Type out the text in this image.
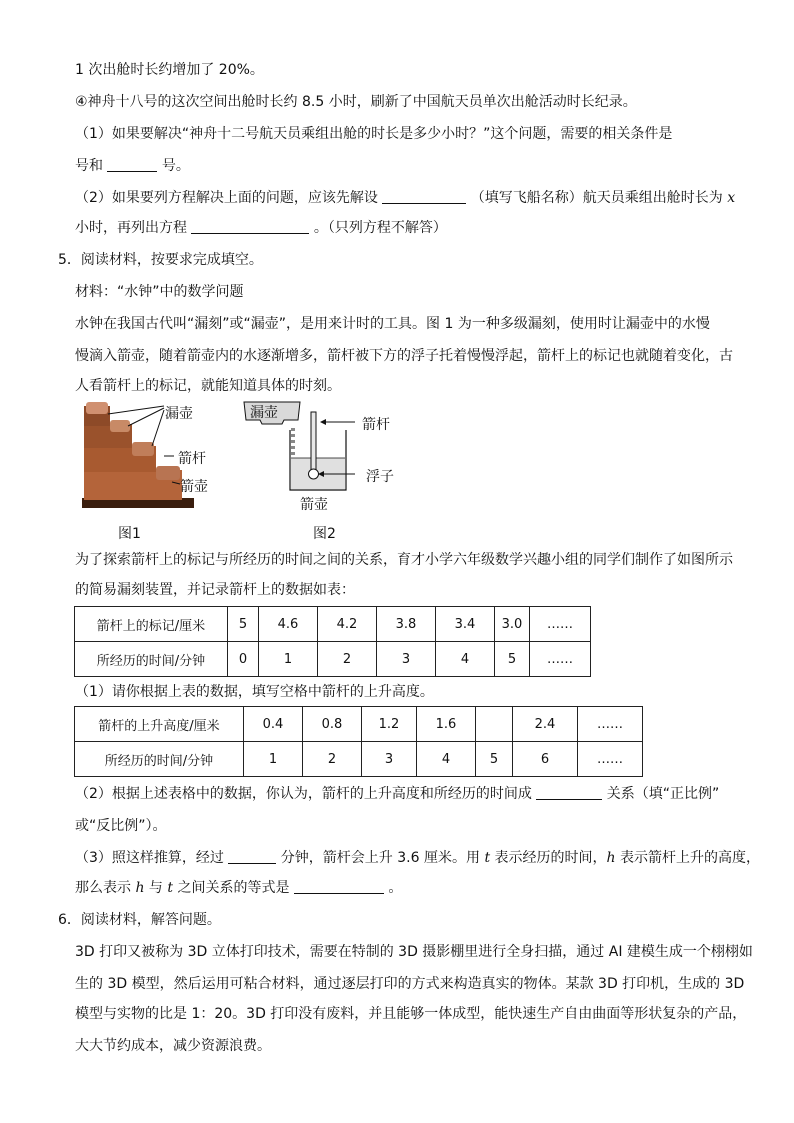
1 次出舱时长约增加了 20%。
④神舟十八号的这次空间出舱时长约 8.5 小时，刷新了中国航天员单次出舱活动时长纪录。
（1）如果要解决“神舟十二号航天员乘组出舱的时长是多少小时？”这个问题，需要的相关条件是
号和	号。
（2）如果要列方程解决上面的问题，应该先解设	（填写飞船名称）航天员乘组出舱时长为 x
小时，再列出方程	。（只列方程不解答）
5．阅读材料，按要求完成填空。
材料：“水钟”中的数学问题
水钟在我国古代叫“漏刻”或“漏壶”，是用来计时的工具。图 1 为一种多级漏刻，使用时让漏壶中的水慢
慢滴入箭壶，随着箭壶内的水逐渐增多，箭杆被下方的浮子托着慢慢浮起，箭杆上的标记也就随着变化，古
人看箭杆上的标记，就能知道具体的时刻。
漏壶
箭杆
箭壶
图1
漏壶
箭杆
浮子
箭壶
图2
为了探索箭杆上的标记与所经历的时间之间的关系，育才小学六年级数学兴趣小组的同学们制作了如图所示
的简易漏刻装置，并记录箭杆上的数据如表：
箭杆上的标记/厘米	5	4.6	4.2	3.8	3.4	3.0	……
所经历的时间/分钟	0	1	2	3	4	5	……
（1）请你根据上表的数据，填写空格中箭杆的上升高度。
箭杆的上升高度/厘米	0.4	0.8	1.2	1.6		2.4	……
所经历的时间/分钟	1	2	3	4	5	6	……
（2）根据上述表格中的数据，你认为，箭杆的上升高度和所经历的时间成	关系（填“正比例”
或“反比例”）。
（3）照这样推算，经过	分钟，箭杆会上升 3.6 厘米。用 t 表示经历的时间，h 表示箭杆上升的高度，
那么表示 h 与 t 之间关系的等式是	。
6．阅读材料，解答问题。
3D 打印又被称为 3D 立体打印技术，需要在特制的 3D 摄影棚里进行全身扫描，通过 AI 建模生成一个栩栩如
生的 3D 模型，然后运用可粘合材料，通过逐层打印的方式来构造真实的物体。某款 3D 打印机，生成的 3D
模型与实物的比是 1：20。3D 打印没有废料，并且能够一体成型，能快速生产自由曲面等形状复杂的产品，
大大节约成本，减少资源浪费。
